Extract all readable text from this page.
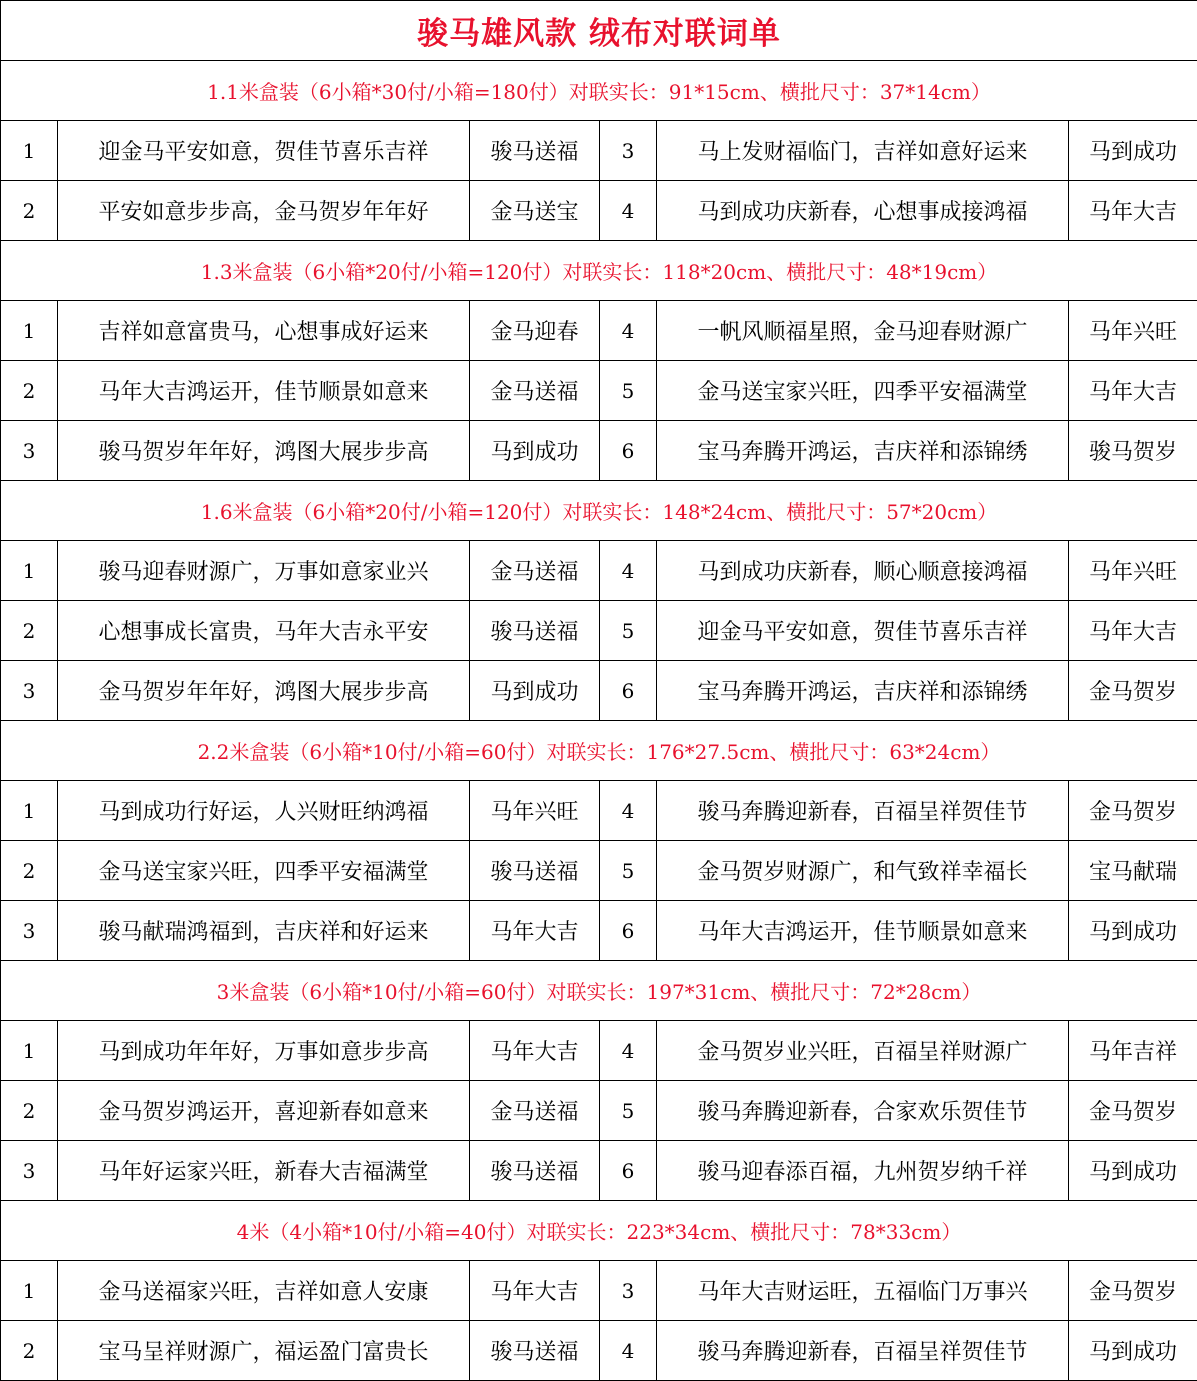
骏马雄风款 绒布对联词单					
1.1米盒装（6小箱*30付/小箱=180付）对联实长：91*15cm、横批尺寸：37*14cm）					
1	迎金马平安如意，贺佳节喜乐吉祥	骏马送福	3	马上发财福临门，吉祥如意好运来	马到成功
2	平安如意步步高，金马贺岁年年好	金马送宝	4	马到成功庆新春，心想事成接鸿福	马年大吉
1.3米盒装（6小箱*20付/小箱=120付）对联实长：118*20cm、横批尺寸：48*19cm）					
1	吉祥如意富贵马，心想事成好运来	金马迎春	4	一帆风顺福星照，金马迎春财源广	马年兴旺
2	马年大吉鸿运开，佳节顺景如意来	金马送福	5	金马送宝家兴旺，四季平安福满堂	马年大吉
3	骏马贺岁年年好，鸿图大展步步高	马到成功	6	宝马奔腾开鸿运，吉庆祥和添锦绣	骏马贺岁
1.6米盒装（6小箱*20付/小箱=120付）对联实长：148*24cm、横批尺寸：57*20cm）					
1	骏马迎春财源广，万事如意家业兴	金马送福	4	马到成功庆新春，顺心顺意接鸿福	马年兴旺
2	心想事成长富贵，马年大吉永平安	骏马送福	5	迎金马平安如意，贺佳节喜乐吉祥	马年大吉
3	金马贺岁年年好，鸿图大展步步高	马到成功	6	宝马奔腾开鸿运，吉庆祥和添锦绣	金马贺岁
2.2米盒装（6小箱*10付/小箱=60付）对联实长：176*27.5cm、横批尺寸：63*24cm）					
1	马到成功行好运，人兴财旺纳鸿福	马年兴旺	4	骏马奔腾迎新春，百福呈祥贺佳节	金马贺岁
2	金马送宝家兴旺，四季平安福满堂	骏马送福	5	金马贺岁财源广，和气致祥幸福长	宝马献瑞
3	骏马献瑞鸿福到，吉庆祥和好运来	马年大吉	6	马年大吉鸿运开，佳节顺景如意来	马到成功
3米盒装（6小箱*10付/小箱=60付）对联实长：197*31cm、横批尺寸：72*28cm）					
1	马到成功年年好，万事如意步步高	马年大吉	4	金马贺岁业兴旺，百福呈祥财源广	马年吉祥
2	金马贺岁鸿运开，喜迎新春如意来	金马送福	5	骏马奔腾迎新春，合家欢乐贺佳节	金马贺岁
3	马年好运家兴旺，新春大吉福满堂	骏马送福	6	骏马迎春添百福，九州贺岁纳千祥	马到成功
4米（4小箱*10付/小箱=40付）对联实长：223*34cm、横批尺寸：78*33cm）					
1	金马送福家兴旺，吉祥如意人安康	马年大吉	3	马年大吉财运旺，五福临门万事兴	金马贺岁
2	宝马呈祥财源广，福运盈门富贵长	骏马送福	4	骏马奔腾迎新春，百福呈祥贺佳节	马到成功
